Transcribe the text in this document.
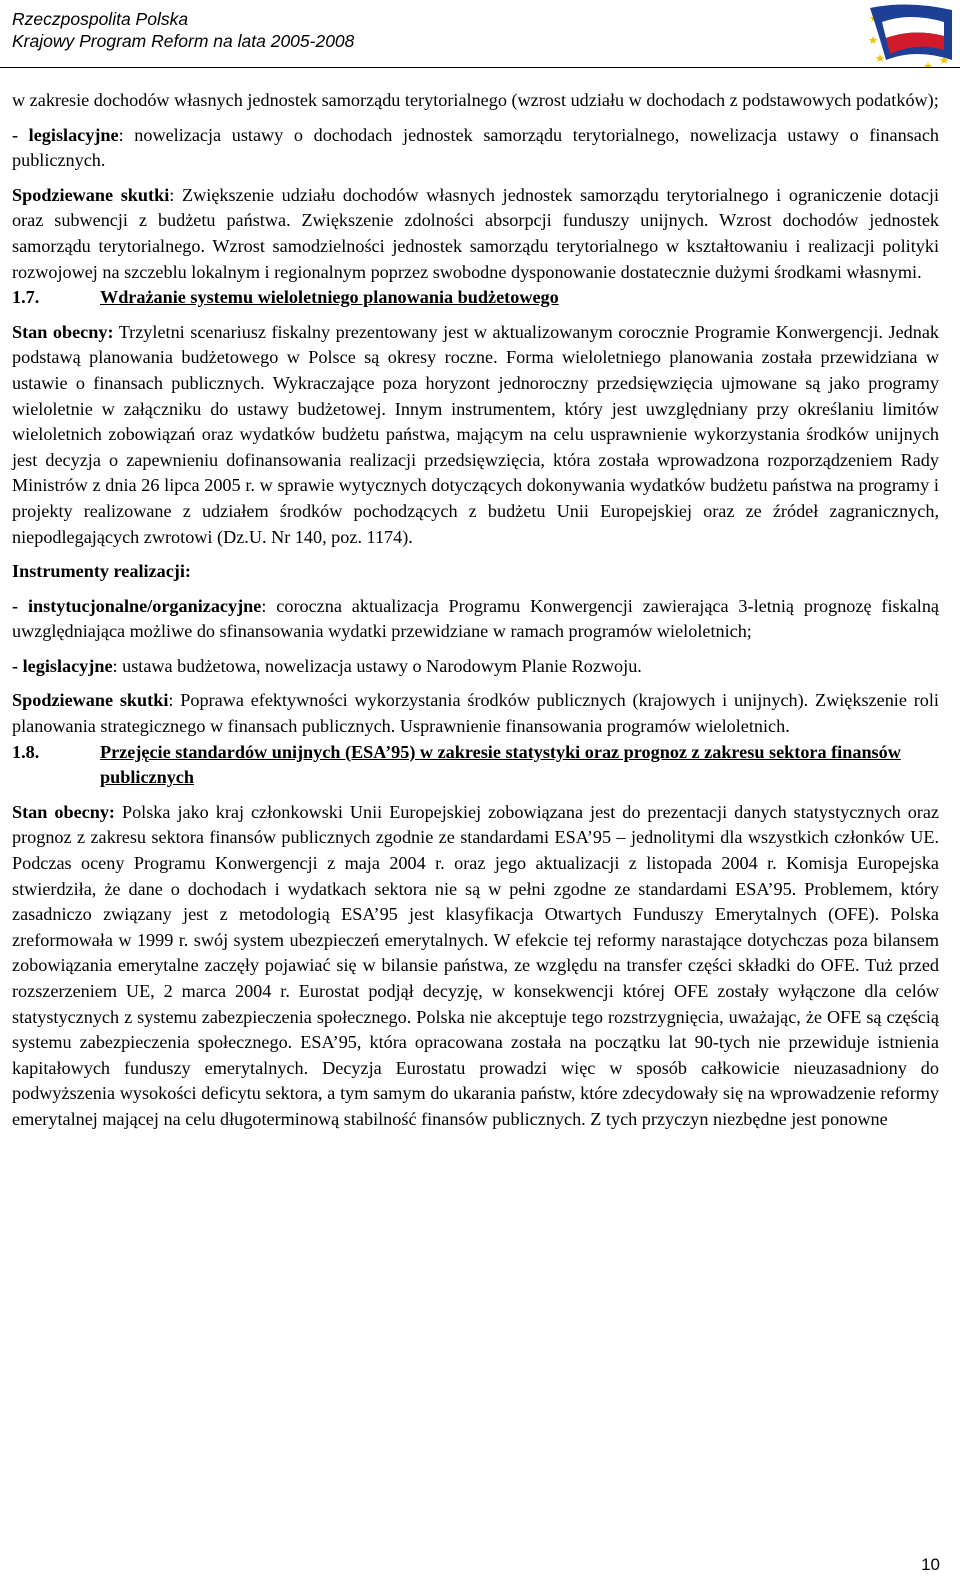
Rzeczpospolita Polska
Krajowy Program Reform na lata 2005-2008

w zakresie dochodów własnych jednostek samorządu terytorialnego (wzrost udziału w dochodach z podstawowych podatków);

- legislacyjne: nowelizacja ustawy o dochodach jednostek samorządu terytorialnego, nowelizacja ustawy o finansach publicznych.

Spodziewane skutki: Zwiększenie udziału dochodów własnych jednostek samorządu terytorialnego i ograniczenie dotacji oraz subwencji z budżetu państwa. Zwiększenie zdolności absorpcji funduszy unijnych. Wzrost dochodów jednostek samorządu terytorialnego. Wzrost samodzielności jednostek samorządu terytorialnego w kształtowaniu i realizacji polityki rozwojowej na szczeblu lokalnym i regionalnym poprzez swobodne dysponowanie dostatecznie dużymi środkami własnymi.

1.7.	Wdrażanie systemu wieloletniego planowania budżetowego

Stan obecny: Trzyletni scenariusz fiskalny prezentowany jest w aktualizowanym corocznie Programie Konwergencji. Jednak podstawą planowania budżetowego w Polsce są okresy roczne. Forma wieloletniego planowania została przewidziana w ustawie o finansach publicznych. Wykraczające poza horyzont jednoroczny przedsięwzięcia ujmowane są jako programy wieloletnie w załączniku do ustawy budżetowej. Innym instrumentem, który jest uwzględniany przy określaniu limitów wieloletnich zobowiązań oraz wydatków budżetu państwa, mającym na celu usprawnienie wykorzystania środków unijnych jest decyzja o zapewnieniu dofinansowania realizacji przedsięwzięcia, która została wprowadzona rozporządzeniem Rady Ministrów z dnia 26 lipca 2005 r. w sprawie wytycznych dotyczących dokonywania wydatków budżetu państwa na programy i projekty realizowane z udziałem środków pochodzących z budżetu Unii Europejskiej oraz ze źródeł zagranicznych, niepodlegających zwrotowi (Dz.U. Nr 140, poz. 1174).

Instrumenty realizacji:

- instytucjonalne/organizacyjne: coroczna aktualizacja Programu Konwergencji zawierająca 3-letnią prognozę fiskalną uwzględniająca możliwe do sfinansowania wydatki przewidziane w ramach programów wieloletnich;

- legislacyjne: ustawa budżetowa, nowelizacja ustawy o Narodowym Planie Rozwoju.

Spodziewane skutki: Poprawa efektywności wykorzystania środków publicznych (krajowych i unijnych). Zwiększenie roli planowania strategicznego w finansach publicznych. Usprawnienie finansowania programów wieloletnich.

1.8.	Przejęcie standardów unijnych (ESA’95) w zakresie statystyki oraz prognoz z zakresu sektora finansów publicznych

Stan obecny: Polska jako kraj członkowski Unii Europejskiej zobowiązana jest do prezentacji danych statystycznych oraz prognoz z zakresu sektora finansów publicznych zgodnie ze standardami ESA’95 – jednolitymi dla wszystkich członków UE. Podczas oceny Programu Konwergencji z maja 2004 r. oraz jego aktualizacji z listopada 2004 r. Komisja Europejska stwierdziła, że dane o dochodach i wydatkach sektora nie są w pełni zgodne ze standardami ESA’95. Problemem, który zasadniczo związany jest z metodologią ESA’95 jest klasyfikacja Otwartych Funduszy Emerytalnych (OFE). Polska zreformowała w 1999 r. swój system ubezpieczeń emerytalnych. W efekcie tej reformy narastające dotychczas poza bilansem zobowiązania emerytalne zaczęły pojawiać się w bilansie państwa, ze względu na transfer części składki do OFE. Tuż przed rozszerzeniem UE, 2 marca 2004 r. Eurostat podjął decyzję, w konsekwencji której OFE zostały wyłączone dla celów statystycznych z systemu zabezpieczenia społecznego. Polska nie akceptuje tego rozstrzygnięcia, uważając, że OFE są częścią systemu zabezpieczenia społecznego. ESA’95, która opracowana została na początku lat 90-tych nie przewiduje istnienia kapitałowych funduszy emerytalnych. Decyzja Eurostatu prowadzi więc w sposób całkowicie nieuzasadniony do podwyższenia wysokości deficytu sektora, a tym samym do ukarania państw, które zdecydowały się na wprowadzenie reformy emerytalnej mającej na celu długoterminową stabilność finansów publicznych. Z tych przyczyn niezbędne jest ponowne

10
